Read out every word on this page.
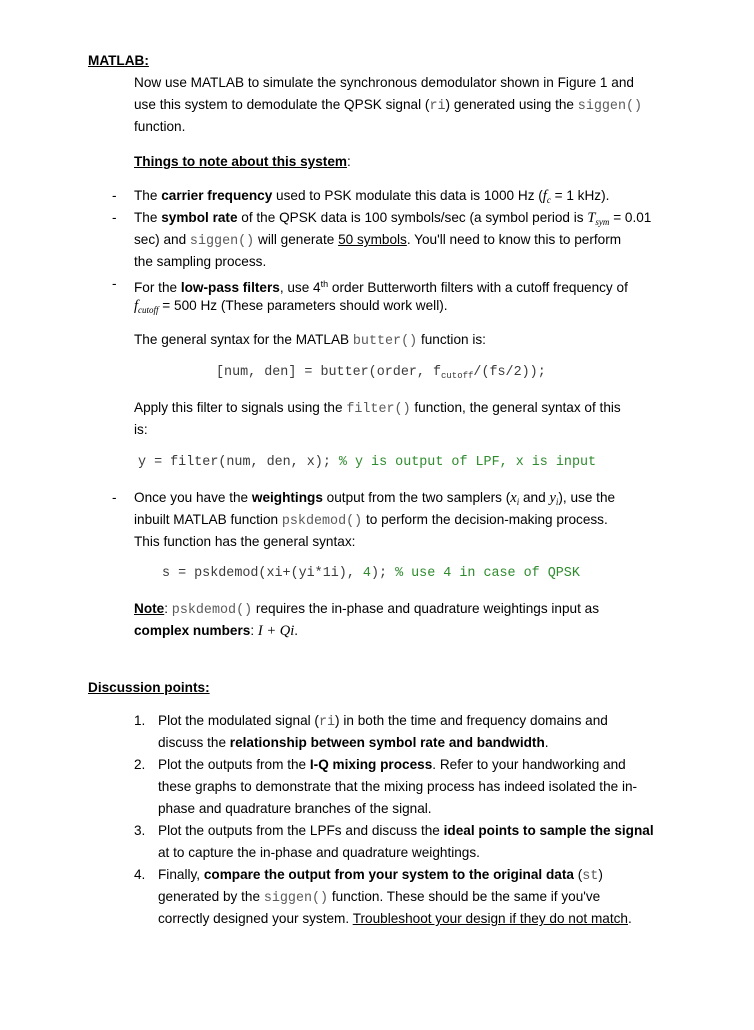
MATLAB:
Now use MATLAB to simulate the synchronous demodulator shown in Figure 1 and
use this system to demodulate the QPSK signal (ri) generated using the siggen()
function.
Things to note about this system:
- The carrier frequency used to PSK modulate this data is 1000 Hz ($f_c = 1$ kHz).
- The symbol rate of the QPSK data is 100 symbols/sec (a symbol period is $T_{sym} = 0.01$
sec) and siggen() will generate 50 symbols. You'll need to know this to perform
the sampling process.
- For the low-pass filters, use 4th order Butterworth filters with a cutoff frequency of
$f_{cutoff} = 500$ Hz (These parameters should work well).
The general syntax for the MATLAB butter() function is:
[num, den] = butter(order, $f_{cutoff}/(fs/2)$);
Apply this filter to signals using the filter() function, the general syntax of this
is:
y = filter(num, den, x); % y is output of LPF, x is input
- Once you have the weightings output from the two samplers ($x_i$ and $y_i$), use the
inbuilt MATLAB function pskdemod() to perform the decision-making process.
This function has the general syntax:
s = pskdemod(xi+(yi*1i), 4); % use 4 in case of QPSK
Note: pskdemod() requires the in-phase and quadrature weightings input as
complex numbers: I + Qi.
Discussion points:
1. Plot the modulated signal (ri) in both the time and frequency domains and
discuss the relationship between symbol rate and bandwidth.
2. Plot the outputs from the I-Q mixing process. Refer to your handworking and
these graphs to demonstrate that the mixing process has indeed isolated the in-
phase and quadrature branches of the signal.
3. Plot the outputs from the LPFs and discuss the ideal points to sample the signal
at to capture the in-phase and quadrature weightings.
4. Finally, compare the output from your system to the original data (st)
generated by the siggen() function. These should be the same if you've
correctly designed your system. Troubleshoot your design if they do not match.
